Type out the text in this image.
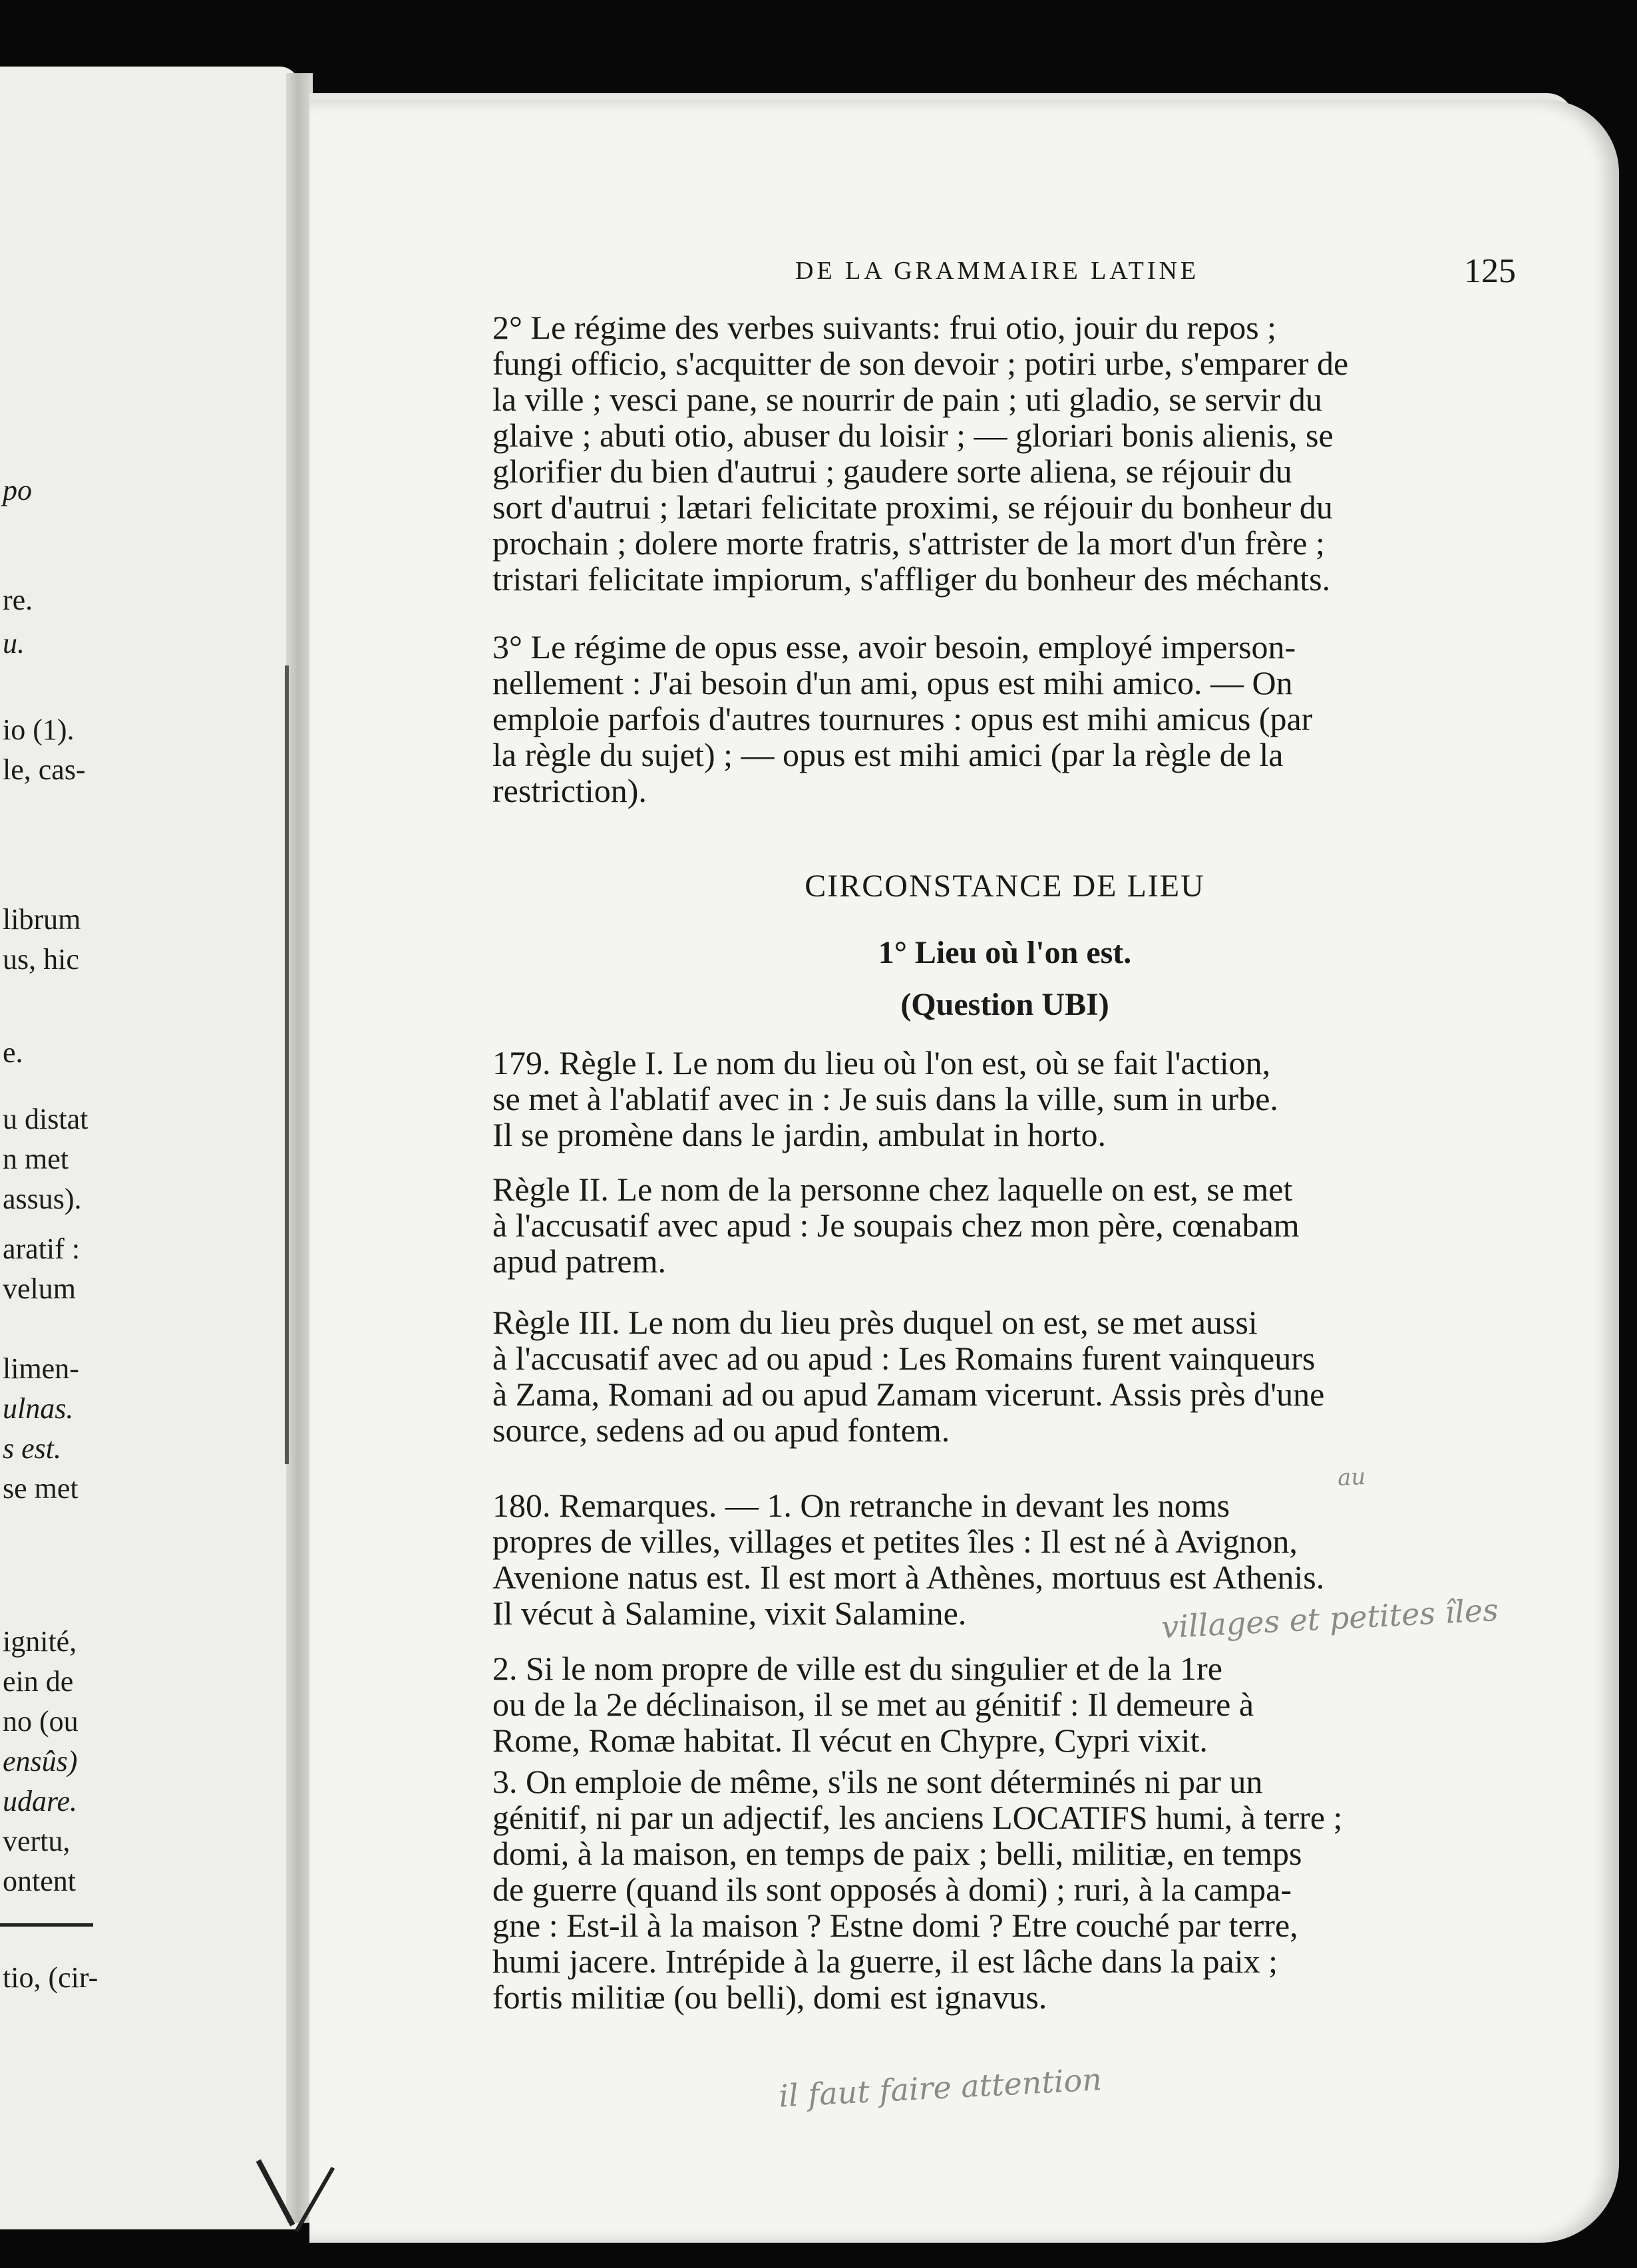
po
re.
u.
io (1).
le, cas-
librum
us, hic
e.
u distat
n met
assus).
aratif :
velum
limen-
ulnas.
s est.
se met
ignité,
ein de
no (ou
ensûs)
udare.
vertu,
ontent
tio, (cir-
DE LA GRAMMAIRE LATINE	125
2° Le régime des verbes suivants: frui otio, jouir du repos ;
fungi officio, s'acquitter de son devoir ; potiri urbe, s'emparer de
la ville ; vesci pane, se nourrir de pain ; uti gladio, se servir du
glaive ; abuti otio, abuser du loisir ; — gloriari bonis alienis, se
glorifier du bien d'autrui ; gaudere sorte aliena, se réjouir du
sort d'autrui ; lætari felicitate proximi, se réjouir du bonheur du
prochain ; dolere morte fratris, s'attrister de la mort d'un frère ;
tristari felicitate impiorum, s'affliger du bonheur des méchants.
3° Le régime de opus esse, avoir besoin, employé imperson-
nellement : J'ai besoin d'un ami, opus est mihi amico. — On
emploie parfois d'autres tournures : opus est mihi amicus (par
la règle du sujet) ; — opus est mihi amici (par la règle de la
restriction).
CIRCONSTANCE DE LIEU
1° Lieu où l'on est.
(Question UBI)
179. Règle I. Le nom du lieu où l'on est, où se fait l'action,
se met à l'ablatif avec in : Je suis dans la ville, sum in urbe.
Il se promène dans le jardin, ambulat in horto.
Règle II. Le nom de la personne chez laquelle on est, se met
à l'accusatif avec apud : Je soupais chez mon père, cœnabam
apud patrem.
Règle III. Le nom du lieu près duquel on est, se met aussi
à l'accusatif avec ad ou apud : Les Romains furent vainqueurs
à Zama, Romani ad ou apud Zamam vicerunt. Assis près d'une
source, sedens ad ou apud fontem.
180. Remarques. — 1. On retranche in devant les noms
propres de villes, villages et petites îles : Il est né à Avignon,
Avenione natus est. Il est mort à Athènes, mortuus est Athenis.
Il vécut à Salamine, vixit Salamine.
2. Si le nom propre de ville est du singulier et de la 1re
ou de la 2e déclinaison, il se met au génitif : Il demeure à
Rome, Romæ habitat. Il vécut en Chypre, Cypri vixit.
3. On emploie de même, s'ils ne sont déterminés ni par un
génitif, ni par un adjectif, les anciens LOCATIFS humi, à terre ;
domi, à la maison, en temps de paix ; belli, militiæ, en temps
de guerre (quand ils sont opposés à domi) ; ruri, à la campa-
gne : Est-il à la maison ? Estne domi ? Etre couché par terre,
humi jacere. Intrépide à la guerre, il est lâche dans la paix ;
fortis militiæ (ou belli), domi est ignavus.
villages et petites îles
il faut faire attention
au
